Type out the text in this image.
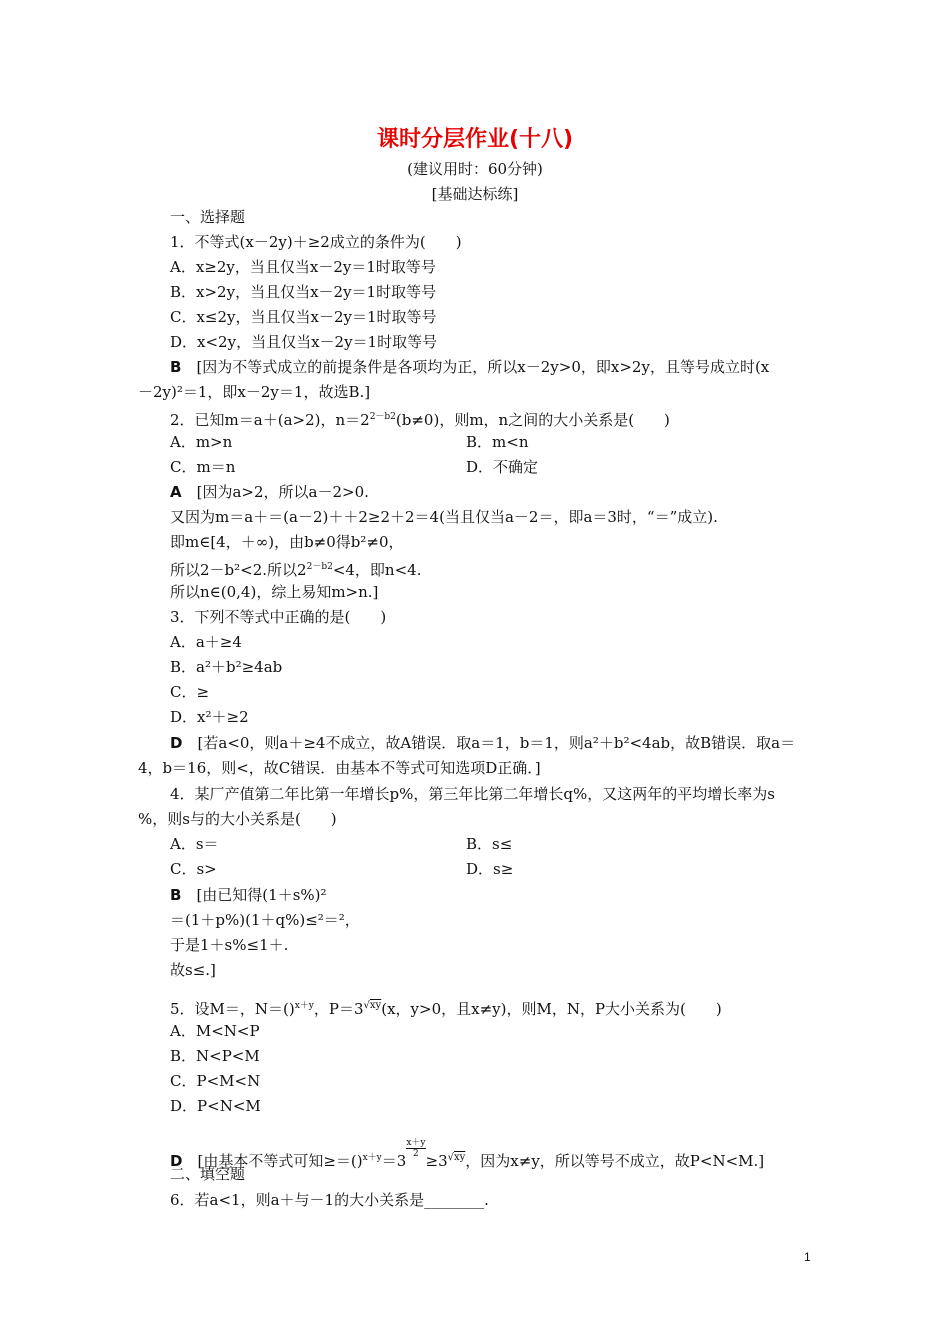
课时分层作业(十八)
(建议用时：60分钟)
[基础达标练]
一、选择题
1．不等式(x－2y)＋≥2成立的条件为(　　)
A．x≥2y，当且仅当x－2y＝1时取等号
B．x>2y，当且仅当x－2y＝1时取等号
C．x≤2y，当且仅当x－2y＝1时取等号
D．x<2y，当且仅当x－2y＝1时取等号
B　 [因为不等式成立的前提条件是各项均为正，所以x－2y>0，即x>2y，且等号成立时(x
－2y)²＝1，即x－2y＝1，故选B.]
2．已知m＝a＋(a>2)，$n=2^{2-b2}(b\ne 0)$，则m，n之间的大小关系是(　　)
A．m>n	B．m<n
C．m＝n	D．不确定
A　 [因为a>2，所以a－2>0.
又因为m＝a＋＝(a－2)＋＋2≥2＋2＝4(当且仅当a－2＝，即a＝3时，“＝”成立).
即m∈[4，＋∞)，由b≠0得b²≠0，
所以2－b²<2.所以$2^{2-b2}<4$，即n<4.
所以n∈(0,4)，综上易知m>n.]
3．下列不等式中正确的是(　　)
A．a＋≥4
B．a²＋b²≥4ab
C．≥
D．x²＋≥2
D　 [若a<0，则a＋≥4不成立，故A错误．取a＝1，b＝1，则a²＋b²<4ab，故B错误．取a＝
4，b＝16，则<，故C错误．由基本不等式可知选项D正确．]
4．某厂产值第二年比第一年增长p%，第三年比第二年增长q%，又这两年的平均增长率为s
%，则s与的大小关系是(　　)
A．s＝	B．s≤
C．s>	D．s≥
B　 [由已知得(1＋s%)²
＝(1＋p%)(1＋q%)≤²＝²，
于是1＋s%≤1＋.
故s≤.]
5．设M＝，N＝()$^{x+y}$，$P=3^{√xy}(x$，y>0，且x≠y)，则M，N，P大小关系为(　　)
A．M<N<P
B．N<P<M
C．P<M<N
D．P<N<M
D　 [由基本不等式可知≥＝()$^{x+y}$＝3
$\frac{x+y}{2}$
$\ge 3^{√xy}$，因为x≠y，所以等号不成立，故P<N<M.]
二、填空题
6．若a<1，则a＋与－1的大小关系是________.
1
